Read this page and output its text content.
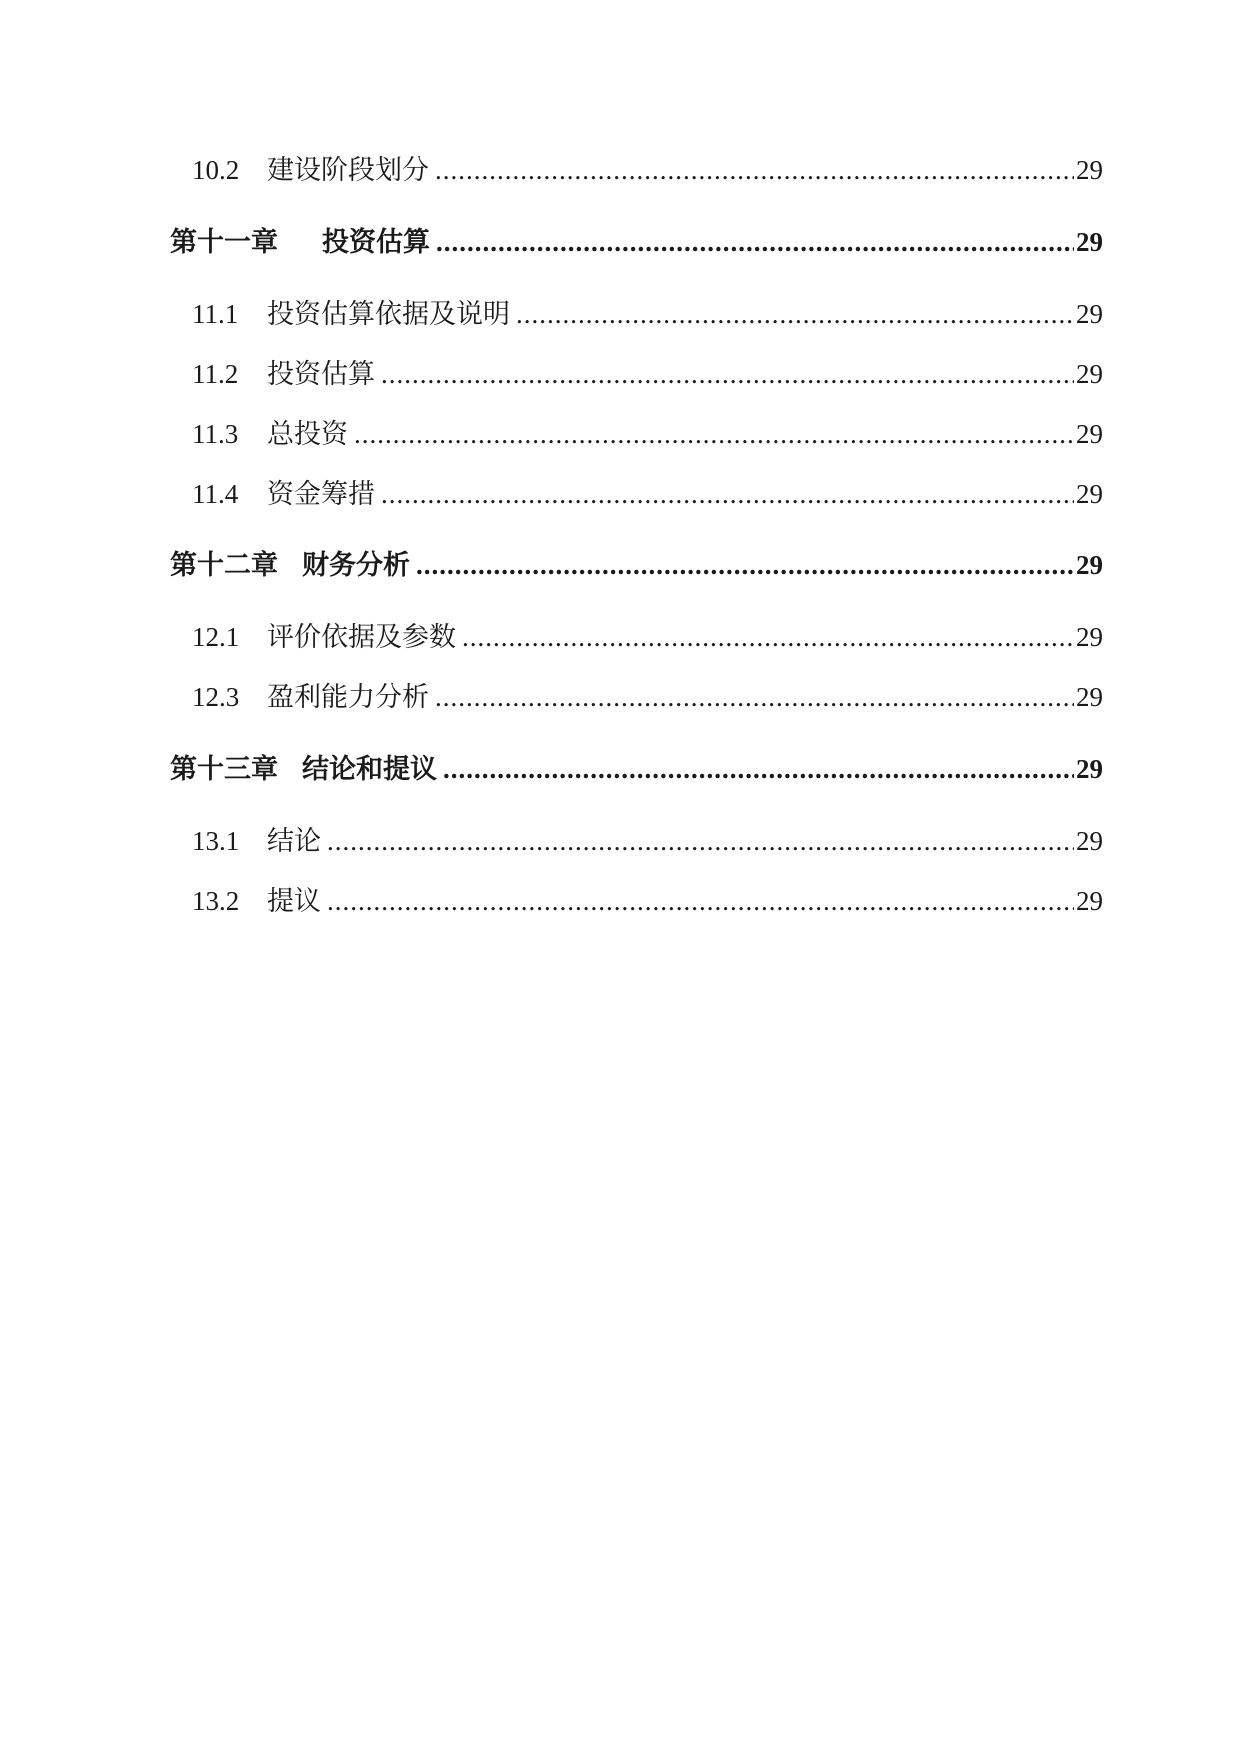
10.2	建设阶段划分 .....	29
第十一章	投资估算 .....	29
11.1	投资估算依据及说明 .....	29
11.2	投资估算 .....	29
11.3	总投资 .....	29
11.4	资金筹措 .....	29
第十二章 财务分析 .....	29
12.1	评价依据及参数 .....	29
12.3	盈利能力分析 .....	29
第十三章 结论和提议 .....	29
13.1	结论 .....	29
13.2	提议 .....	29
